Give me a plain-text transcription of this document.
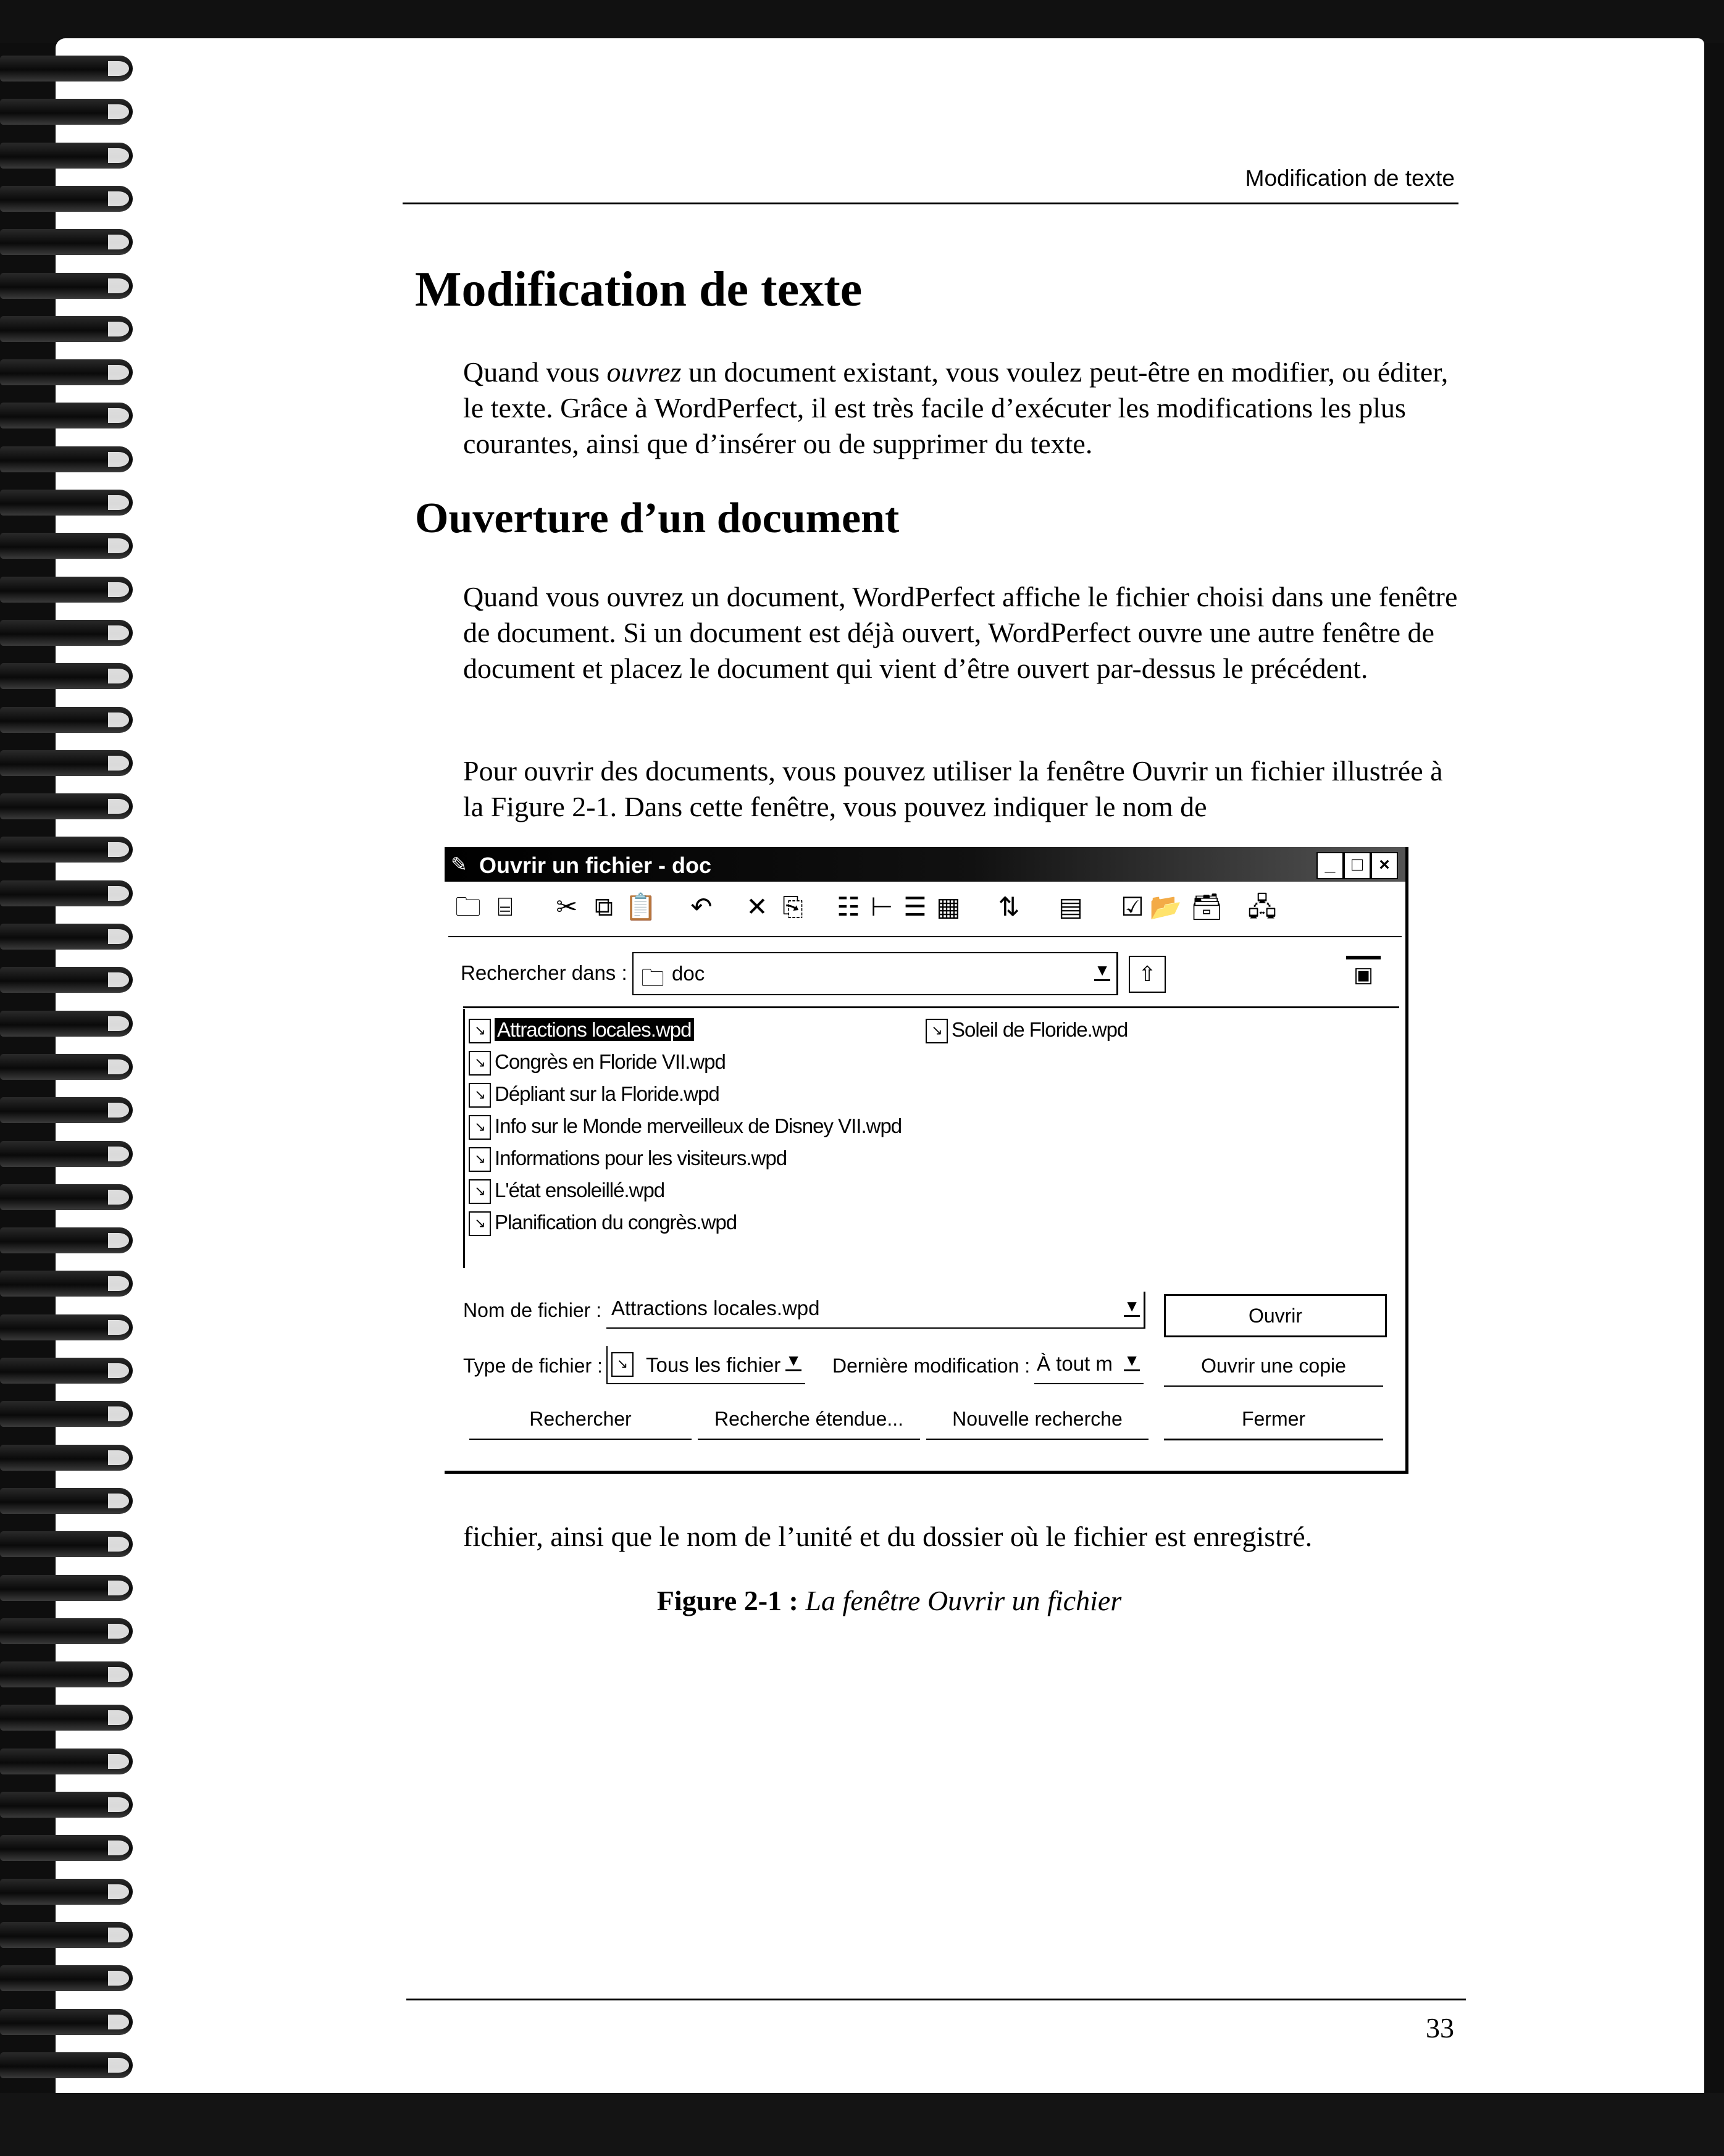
Modification de texte
Modification de texte

Quand vous ouvrez un document existant, vous voulez peut-être en modifier, ou éditer, le texte. Grâce à WordPerfect, il est très facile d’exécuter les modifications les plus courantes, ainsi que d’insérer ou de supprimer du texte.

Ouverture d’un document

Quand vous ouvrez un document, WordPerfect affiche le fichier choisi dans une fenêtre de document. Si un document est déjà ouvert, WordPerfect ouvre une autre fenêtre de document et placez le document qui vient d’être ouvert par-dessus le précédent.

Pour ouvrir des documents, vous pouvez utiliser la fenêtre Ouvrir un fichier illustrée à la Figure 2-1. Dans cette fenêtre, vous pouvez indiquer le nom de

✎ Ouvrir un fichier - doc	_ □ ×
🗀 ⌸	✂ ⧉ 📋 ↶ ✕ ⎘ ☷ ⊢ ☰ ▦ ⇅ ▤ ☑ 📂 🗃 🖧
Rechercher dans : 🗀 doc	▼	⇧	▣
↘ Attractions locales.wpd
↘ Congrès en Floride VII.wpd
↘ Dépliant sur la Floride.wpd
↘ Info sur le Monde merveilleux de Disney VII.wpd
↘ Informations pour les visiteurs.wpd
↘ L'état ensoleillé.wpd
↘ Planification du congrès.wpd
↘ Soleil de Floride.wpd
Nom de fichier : Attractions locales.wpd	▼
Type de fichier :	↘ Tous les fichier ▼ Dernière modification : À tout m ▼
Ouvrir
Ouvrir une copie
Rechercher	Recherche étendue...	Nouvelle recherche	Fermer

fichier, ainsi que le nom de l’unité et du dossier où le fichier est enregistré.

Figure 2-1 : La fenêtre Ouvrir un fichier
33
